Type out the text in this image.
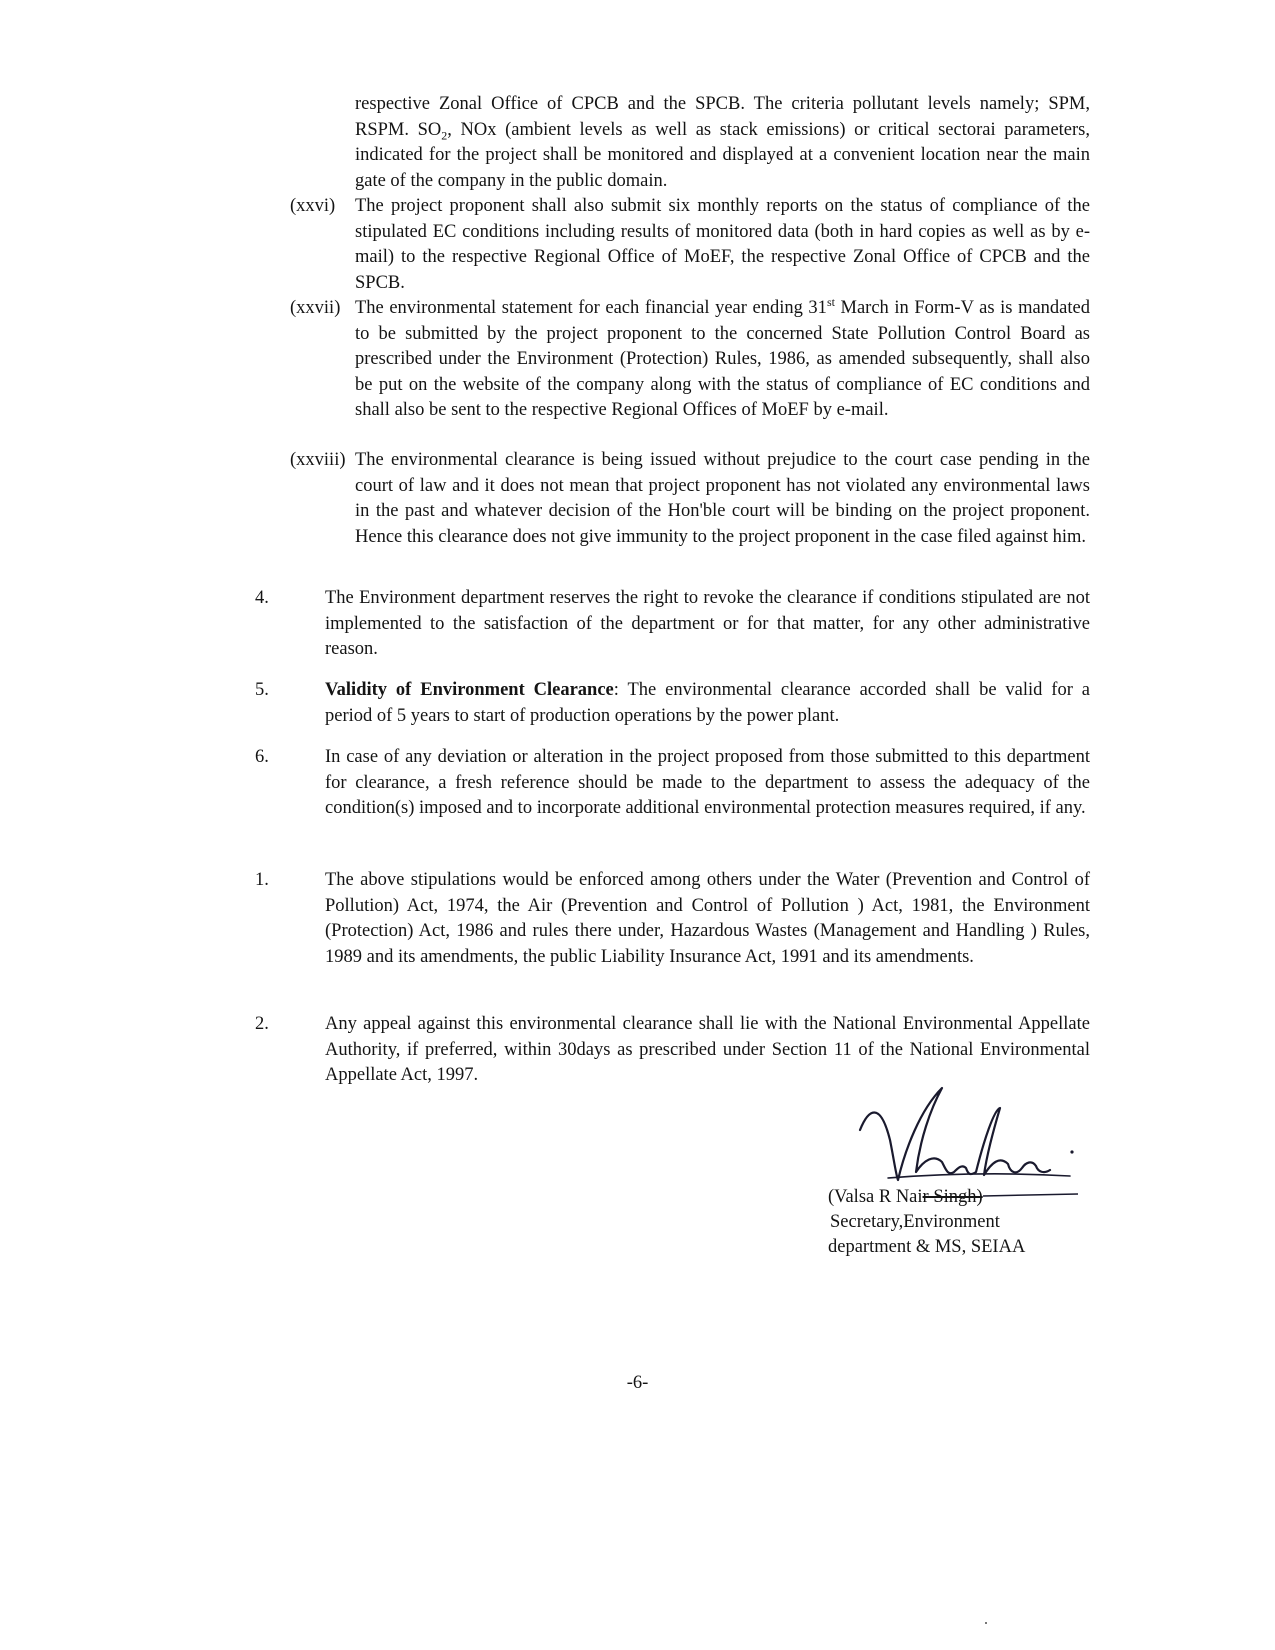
respective Zonal Office of CPCB and the SPCB. The criteria pollutant levels namely; SPM, RSPM. $SO_2$, NOx (ambient levels as well as stack emissions) or critical sectorai parameters, indicated for the project shall be monitored and displayed at a convenient location near the main gate of the company in the public domain.

(xxvi) The project proponent shall also submit six monthly reports on the status of compliance of the stipulated EC conditions including results of monitored data (both in hard copies as well as by e-mail) to the respective Regional Office of MoEF, the respective Zonal Office of CPCB and the SPCB.
(xxvii) The environmental statement for each financial year ending 31st March in Form-V as is mandated to be submitted by the project proponent to the concerned State Pollution Control Board as prescribed under the Environment (Protection) Rules, 1986, as amended subsequently, shall also be put on the website of the company along with the status of compliance of EC conditions and shall also be sent to the respective Regional Offices of MoEF by e-mail.
(xxviii) The environmental clearance is being issued without prejudice to the court case pending in the court of law and it does not mean that project proponent has not violated any environmental laws in the past and whatever decision of the Hon'ble court will be binding on the project proponent. Hence this clearance does not give immunity to the project proponent in the case filed against him.
4.	The Environment department reserves the right to revoke the clearance if conditions stipulated are not implemented to the satisfaction of the department or for that matter, for any other administrative reason.
5.	Validity of Environment Clearance: The environmental clearance accorded shall be valid for a period of 5 years to start of production operations by the power plant.
6.	In case of any deviation or alteration in the project proposed from those submitted to this department for clearance, a fresh reference should be made to the department to assess the adequacy of the condition(s) imposed and to incorporate additional environmental protection measures required, if any.
1.	The above stipulations would be enforced among others under the Water (Prevention and Control of Pollution) Act, 1974, the Air (Prevention and Control of Pollution ) Act, 1981, the Environment (Protection) Act, 1986 and rules there under, Hazardous Wastes (Management and Handling ) Rules, 1989 and its amendments, the public Liability Insurance Act, 1991 and its amendments.
2.	Any appeal against this environmental clearance shall lie with the National Environmental Appellate Authority, if preferred, within 30days as prescribed under Section 11 of the National Environmental Appellate Act, 1997.
(Valsa R Nair Singh)
Secretary,Environment
department & MS, SEIAA
-6-
